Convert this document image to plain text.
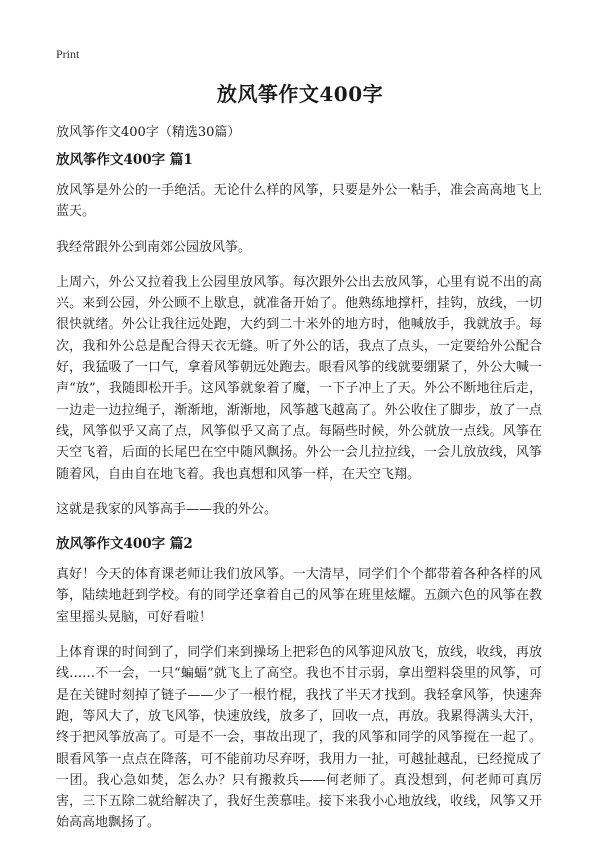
Print
放风筝作文400字
放风筝作文400字（精选30篇）
放风筝作文400字 篇1

放风筝是外公的一手绝活。无论什么样的风筝，只要是外公一粘手，准会高高地飞上蓝天。

我经常跟外公到南郊公园放风筝。

上周六，外公又拉着我上公园里放风筝。每次跟外公出去放风筝，心里有说不出的高兴。来到公园，外公顾不上歇息，就准备开始了。他熟练地撑杆，挂钩，放线，一切很快就绪。外公让我往远处跑，大约到二十米外的地方时，他喊放手，我就放手。每次，我和外公总是配合得天衣无缝。听了外公的话，我点了点头，一定要给外公配合好，我猛吸了一口气，拿着风筝朝远处跑去。眼看风筝的线就要绷紧了，外公大喊一声“放”，我随即松开手。这风筝就象着了魔，一下子冲上了天。外公不断地往后走，一边走一边拉绳子，渐渐地，渐渐地，风筝越飞越高了。外公收住了脚步，放了一点线，风筝似乎又高了点，风筝似乎又高了点。每隔些时候，外公就放一点线。风筝在天空飞着，后面的长尾巴在空中随风飘扬。外公一会儿拉拉线，一会儿放放线，风筝随着风，自由自在地飞着。我也真想和风筝一样，在天空飞翔。

这就是我家的风筝高手——我的外公。

放风筝作文400字 篇2

真好！今天的体育课老师让我们放风筝。一大清早，同学们个个都带着各种各样的风筝，陆续地赶到学校。有的同学还拿着自己的风筝在班里炫耀。五颜六色的风筝在教室里摇头晃脑，可好看啦！

上体育课的时间到了，同学们来到操场上把彩色的风筝迎风放飞，放线，收线，再放线……不一会，一只“蝙蝠”就飞上了高空。我也不甘示弱，拿出塑料袋里的风筝，可是在关键时刻掉了链子——少了一根竹棍，我找了半天才找到。我轻拿风筝，快速奔跑，等风大了，放飞风筝，快速放线，放多了，回收一点，再放。我累得满头大汗，终于把风筝放高了。可是不一会，事故出现了，我的风筝和同学的风筝搅在一起了。眼看风筝一点点在降落，可不能前功尽弃呀，我用力一扯，可越扯越乱，已经搅成了一团。我心急如焚，怎么办？只有搬救兵——何老师了。真没想到，何老师可真厉害，三下五除二就给解决了，我好生羡慕哇。接下来我小心地放线，收线，风筝又开始高高地飘扬了。
